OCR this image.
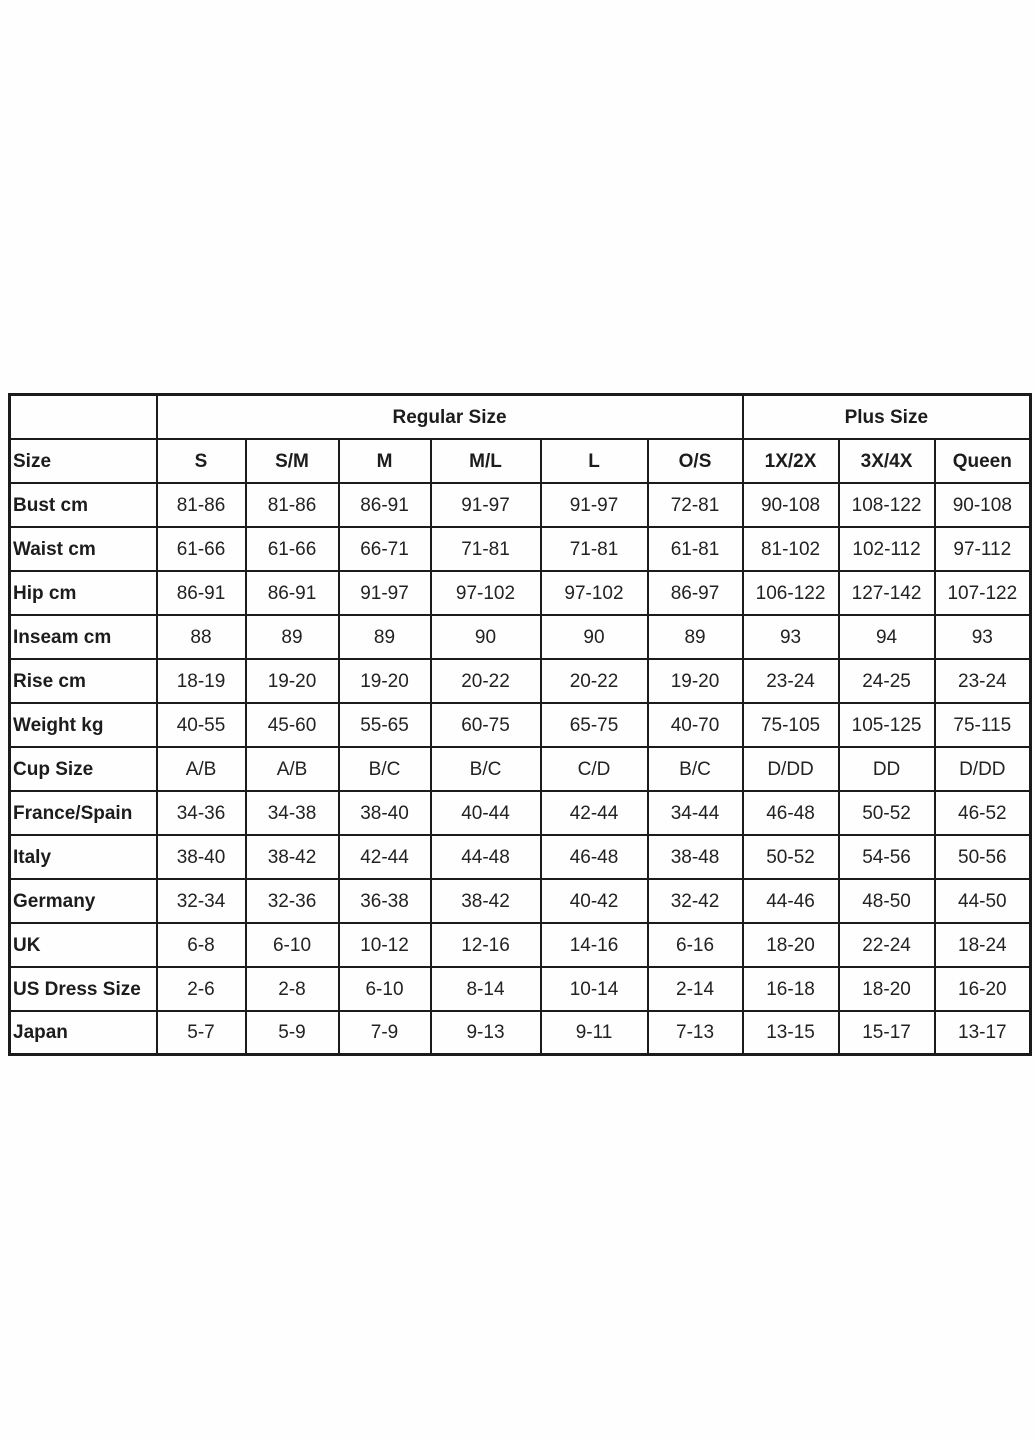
	Regular Size						Plus Size		
Size	S	S/M	M	M/L	L	O/S	1X/2X	3X/4X	Queen
Bust cm	81-86	81-86	86-91	91-97	91-97	72-81	90-108	108-122	90-108
Waist cm	61-66	61-66	66-71	71-81	71-81	61-81	81-102	102-112	97-112
Hip cm	86-91	86-91	91-97	97-102	97-102	86-97	106-122	127-142	107-122
Inseam cm	88	89	89	90	90	89	93	94	93
Rise cm	18-19	19-20	19-20	20-22	20-22	19-20	23-24	24-25	23-24
Weight kg	40-55	45-60	55-65	60-75	65-75	40-70	75-105	105-125	75-115
Cup Size	A/B	A/B	B/C	B/C	C/D	B/C	D/DD	DD	D/DD
France/Spain	34-36	34-38	38-40	40-44	42-44	34-44	46-48	50-52	46-52
Italy	38-40	38-42	42-44	44-48	46-48	38-48	50-52	54-56	50-56
Germany	32-34	32-36	36-38	38-42	40-42	32-42	44-46	48-50	44-50
UK	6-8	6-10	10-12	12-16	14-16	6-16	18-20	22-24	18-24
US Dress Size	2-6	2-8	6-10	8-14	10-14	2-14	16-18	18-20	16-20
Japan	5-7	5-9	7-9	9-13	9-11	7-13	13-15	15-17	13-17
